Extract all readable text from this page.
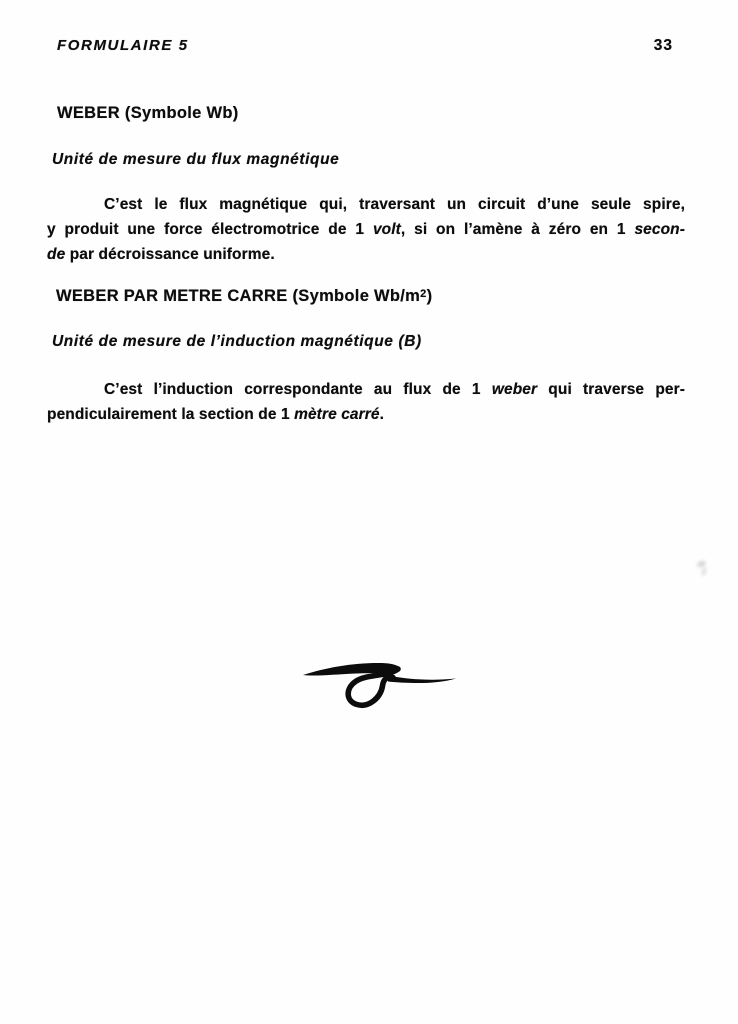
FORMULAIRE 5	33
WEBER (Symbole Wb)
Unité de mesure du flux magnétique
C’est le flux magnétique qui, traversant un circuit d’une seule spire,
y produit une force électromotrice de 1 volt, si on l’amène à zéro en 1 secon-
de par décroissance uniforme.
WEBER PAR METRE CARRE (Symbole $Wb/m^2$)
Unité de mesure de l’induction magnétique (B)
C’est l’induction correspondante au flux de 1 weber qui traverse per-
pendiculairement la section de 1 mètre carré.
